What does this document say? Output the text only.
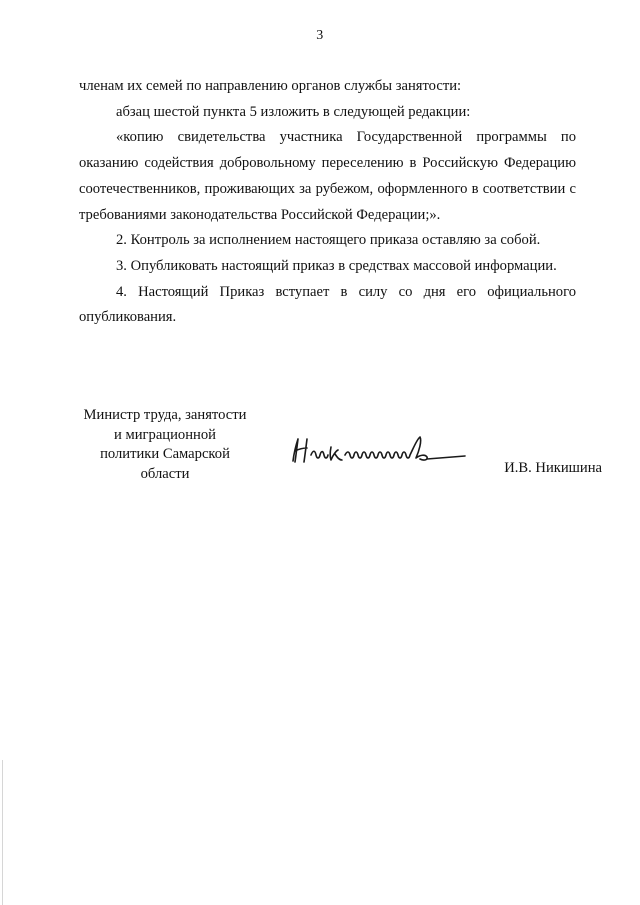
3

членам их семей по направлению органов службы занятости:

абзац шестой пункта 5 изложить в следующей редакции:

«копию свидетельства участника Государственной программы по оказанию содействия добровольному переселению в Российскую Федерацию соотечественников, проживающих за рубежом, оформленного в соответствии с требованиями законодательства Российской Федерации;».

2. Контроль за исполнением настоящего приказа оставляю за собой.

3. Опубликовать настоящий приказ в средствах массовой информации.

4. Настоящий Приказ вступает в силу со дня его официального опубликования.

Министр труда, занятости
и миграционной
политики Самарской
области	И.В. Никишина
